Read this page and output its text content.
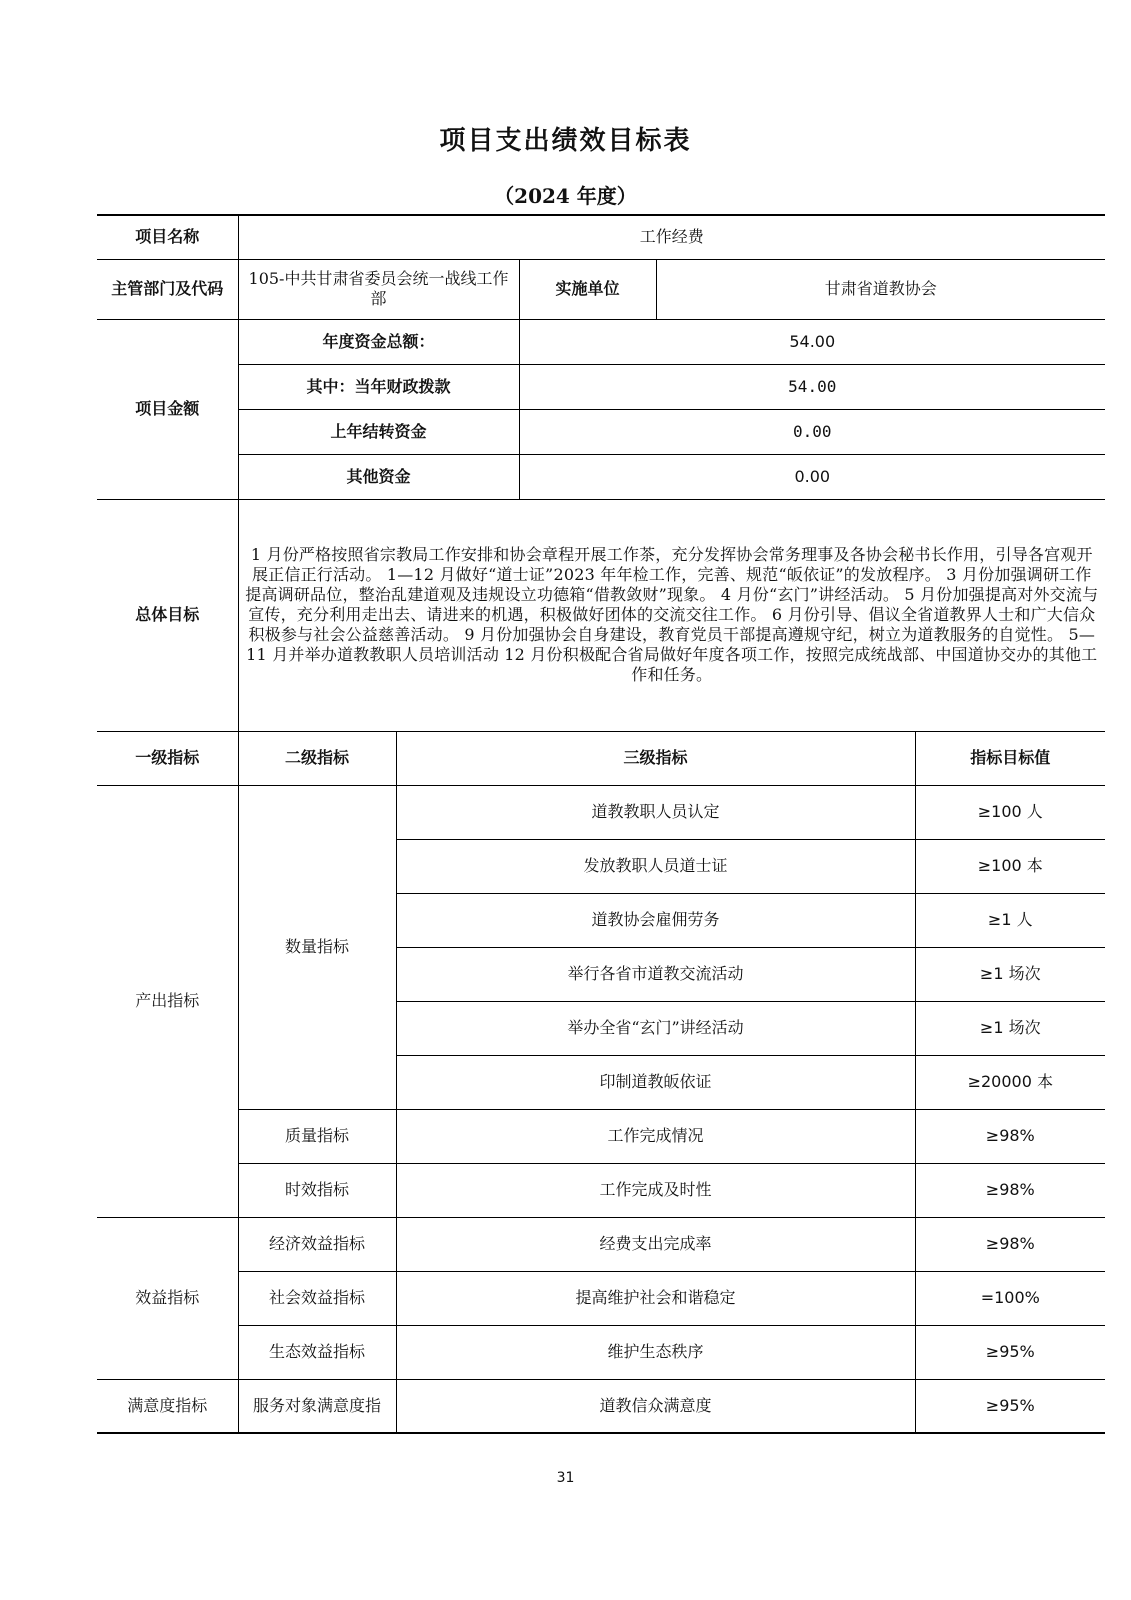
项目支出绩效目标表
（2024 年度）
项目名称	工作经费				
主管部门及代码	105-中共甘肃省委员会统一战线工作部		实施单位	甘肃省道教协会	
项目金额	年度资金总额：		54.00		
	其中：当年财政拨款		54.00		
	上年结转资金		0.00		
	其他资金		0.00		
总体目标	1 月份严格按照省宗教局工作安排和协会章程开展工作茶，充分发挥协会常务理事及各协会秘书长作用，引导各宫观开展正信正行活动。 1—12 月做好“道士证”2023 年年检工作，完善、规范“皈依证”的发放程序。 3 月份加强调研工作提高调研品位，整治乱建道观及违规设立功德箱“借教敛财”现象。 4 月份“玄门”讲经活动。 5 月份加强提高对外交流与宣传，充分利用走出去、请进来的机遇，积极做好团体的交流交往工作。 6 月份引导、倡议全省道教界人士和广大信众积极参与社会公益慈善活动。 9 月份加强协会自身建设，教育党员干部提高遵规守纪，树立为道教服务的自觉性。 5—11 月并举办道教教职人员培训活动 12 月份积极配合省局做好年度各项工作，按照完成统战部、中国道协交办的其他工作和任务。				
一级指标	二级指标	三级指标			指标目标值
产出指标	数量指标	道教教职人员认定			≥100 人
		发放教职人员道士证			≥100 本
		道教协会雇佣劳务			≥1 人
		举行各省市道教交流活动			≥1 场次
		举办全省“玄门”讲经活动			≥1 场次
		印制道教皈依证			≥20000 本
	质量指标	工作完成情况			≥98%
	时效指标	工作完成及时性			≥98%
效益指标	经济效益指标	经费支出完成率			≥98%
	社会效益指标	提高维护社会和谐稳定			=100%
	生态效益指标	维护生态秩序			≥95%
满意度指标	服务对象满意度指	道教信众满意度			≥95%
31
